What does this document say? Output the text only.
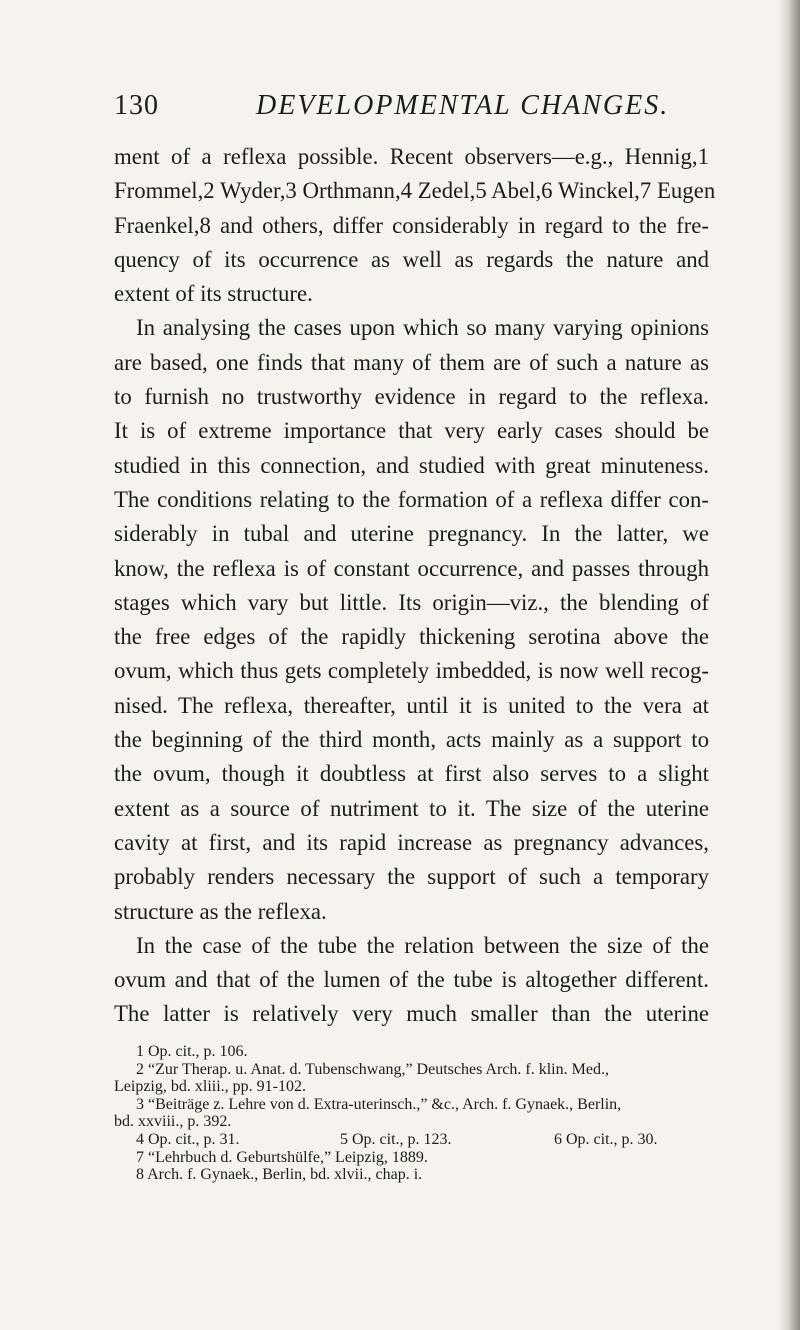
130	DEVELOPMENTAL CHANGES.
ment of a reflexa possible. Recent observers—e.g., Hennig,1
Frommel,2 Wyder,3 Orthmann,4 Zedel,5 Abel,6 Winckel,7 Eugen
Fraenkel,8 and others, differ considerably in regard to the fre-
quency of its occurrence as well as regards the nature and
extent of its structure.
In analysing the cases upon which so many varying opinions
are based, one finds that many of them are of such a nature as
to furnish no trustworthy evidence in regard to the reflexa.
It is of extreme importance that very early cases should be
studied in this connection, and studied with great minuteness.
The conditions relating to the formation of a reflexa differ con-
siderably in tubal and uterine pregnancy. In the latter, we
know, the reflexa is of constant occurrence, and passes through
stages which vary but little. Its origin—viz., the blending of
the free edges of the rapidly thickening serotina above the
ovum, which thus gets completely imbedded, is now well recog-
nised. The reflexa, thereafter, until it is united to the vera at
the beginning of the third month, acts mainly as a support to
the ovum, though it doubtless at first also serves to a slight
extent as a source of nutriment to it. The size of the uterine
cavity at first, and its rapid increase as pregnancy advances,
probably renders necessary the support of such a temporary
structure as the reflexa.
In the case of the tube the relation between the size of the
ovum and that of the lumen of the tube is altogether different.
The latter is relatively very much smaller than the uterine
1 Op. cit., p. 106.
2 “Zur Therap. u. Anat. d. Tubenschwang,” Deutsches Arch. f. klin. Med.,
Leipzig, bd. xliii., pp. 91-102.
3 “Beiträge z. Lehre von d. Extra-uterinsch.,” &c., Arch. f. Gynaek., Berlin,
bd. xxviii., p. 392.
4 Op. cit., p. 31.	5 Op. cit., p. 123.	6 Op. cit., p. 30.
7 “Lehrbuch d. Geburtshülfe,” Leipzig, 1889.
8 Arch. f. Gynaek., Berlin, bd. xlvii., chap. i.
